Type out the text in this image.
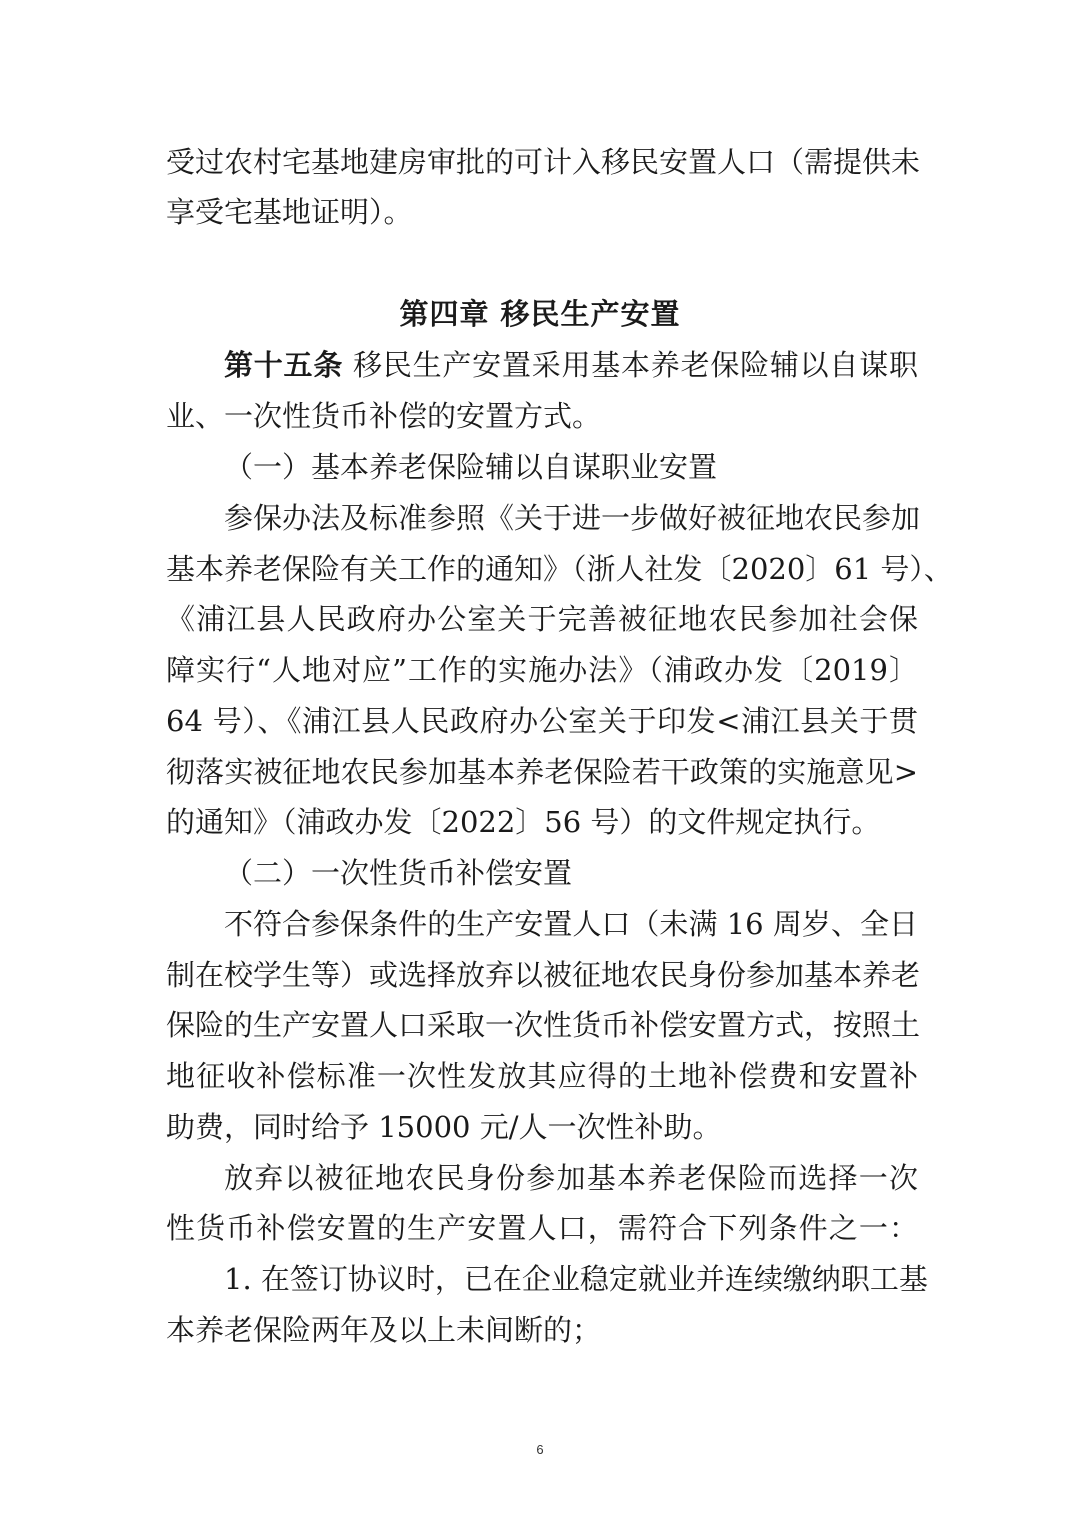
受过农村宅基地建房审批的可计入移民安置人口（需提供未
享受宅基地证明）。
第四章 移民生产安置
第十五条 移民生产安置采用基本养老保险辅以自谋职
业、一次性货币补偿的安置方式。
（一）基本养老保险辅以自谋职业安置
参保办法及标准参照《关于进一步做好被征地农民参加
基本养老保险有关工作的通知》（浙人社发〔2020〕61 号）、
《浦江县人民政府办公室关于完善被征地农民参加社会保
障实行“人地对应”工作的实施办法》（浦政办发〔2019〕
64 号）、《浦江县人民政府办公室关于印发<浦江县关于贯
彻落实被征地农民参加基本养老保险若干政策的实施意见>
的通知》（浦政办发〔2022〕56 号）的文件规定执行。
（二）一次性货币补偿安置
不符合参保条件的生产安置人口（未满 16 周岁、全日
制在校学生等）或选择放弃以被征地农民身份参加基本养老
保险的生产安置人口采取一次性货币补偿安置方式，按照土
地征收补偿标准一次性发放其应得的土地补偿费和安置补
助费，同时给予 15000 元/人一次性补助。
放弃以被征地农民身份参加基本养老保险而选择一次
性货币补偿安置的生产安置人口，需符合下列条件之一：
1. 在签订协议时，已在企业稳定就业并连续缴纳职工基
本养老保险两年及以上未间断的；
6
